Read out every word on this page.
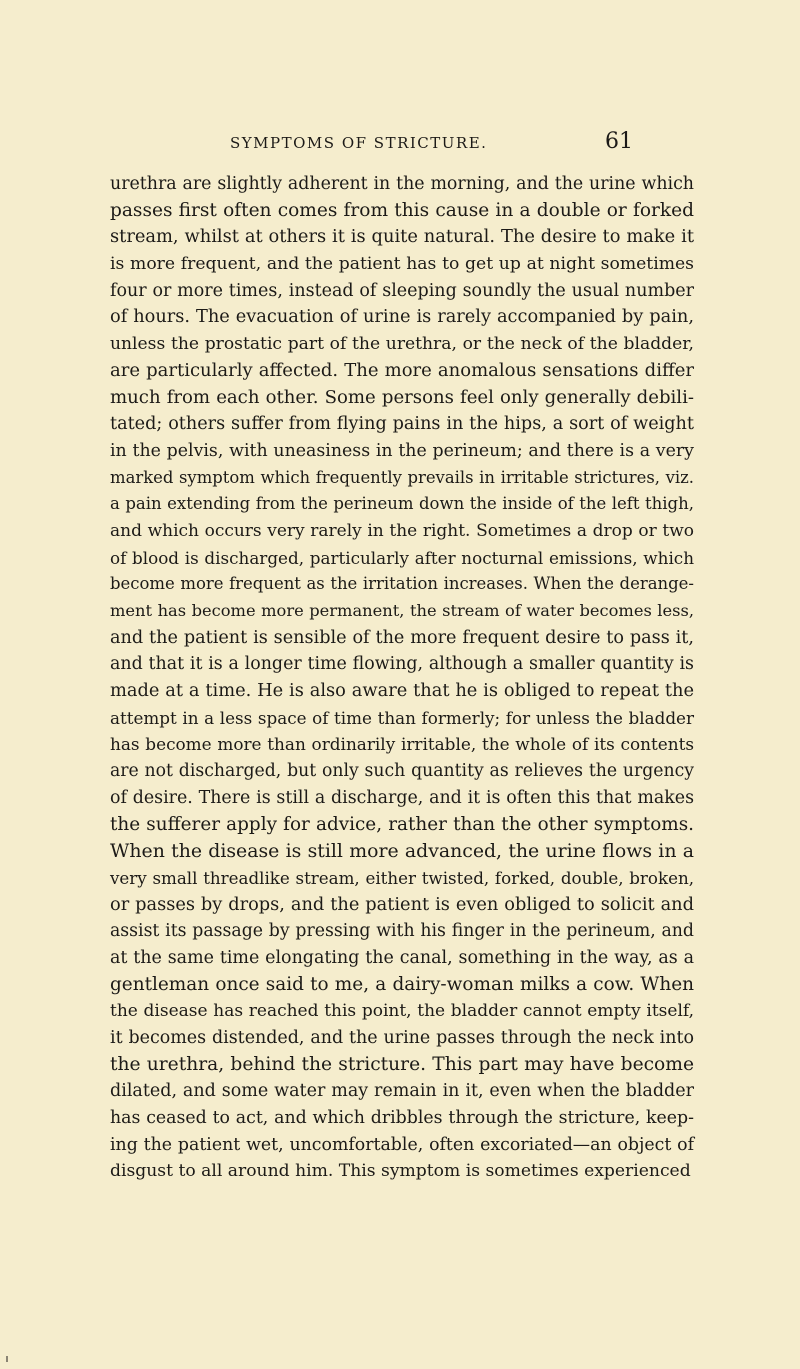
SYMPTOMS OF STRICTURE.	61
urethra are slightly adherent in the morning, and the urine which
passes first often comes from this cause in a double or forked
stream, whilst at others it is quite natural. The desire to make it
is more frequent, and the patient has to get up at night sometimes
four or more times, instead of sleeping soundly the usual number
of hours. The evacuation of urine is rarely accompanied by pain,
unless the prostatic part of the urethra, or the neck of the bladder,
are particularly affected. The more anomalous sensations differ
much from each other. Some persons feel only generally debili-
tated; others suffer from flying pains in the hips, a sort of weight
in the pelvis, with uneasiness in the perineum; and there is a very
marked symptom which frequently prevails in irritable strictures, viz.
a pain extending from the perineum down the inside of the left thigh,
and which occurs very rarely in the right. Sometimes a drop or two
of blood is discharged, particularly after nocturnal emissions, which
become more frequent as the irritation increases. When the derange-
ment has become more permanent, the stream of water becomes less,
and the patient is sensible of the more frequent desire to pass it,
and that it is a longer time flowing, although a smaller quantity is
made at a time. He is also aware that he is obliged to repeat the
attempt in a less space of time than formerly; for unless the bladder
has become more than ordinarily irritable, the whole of its contents
are not discharged, but only such quantity as relieves the urgency
of desire. There is still a discharge, and it is often this that makes
the sufferer apply for advice, rather than the other symptoms.
When the disease is still more advanced, the urine flows in a
very small threadlike stream, either twisted, forked, double, broken,
or passes by drops, and the patient is even obliged to solicit and
assist its passage by pressing with his finger in the perineum, and
at the same time elongating the canal, something in the way, as a
gentleman once said to me, a dairy-woman milks a cow. When
the disease has reached this point, the bladder cannot empty itself,
it becomes distended, and the urine passes through the neck into
the urethra, behind the stricture. This part may have become
dilated, and some water may remain in it, even when the bladder
has ceased to act, and which dribbles through the stricture, keep-
ing the patient wet, uncomfortable, often excoriated—an object of
disgust to all around him. This symptom is sometimes experienced
